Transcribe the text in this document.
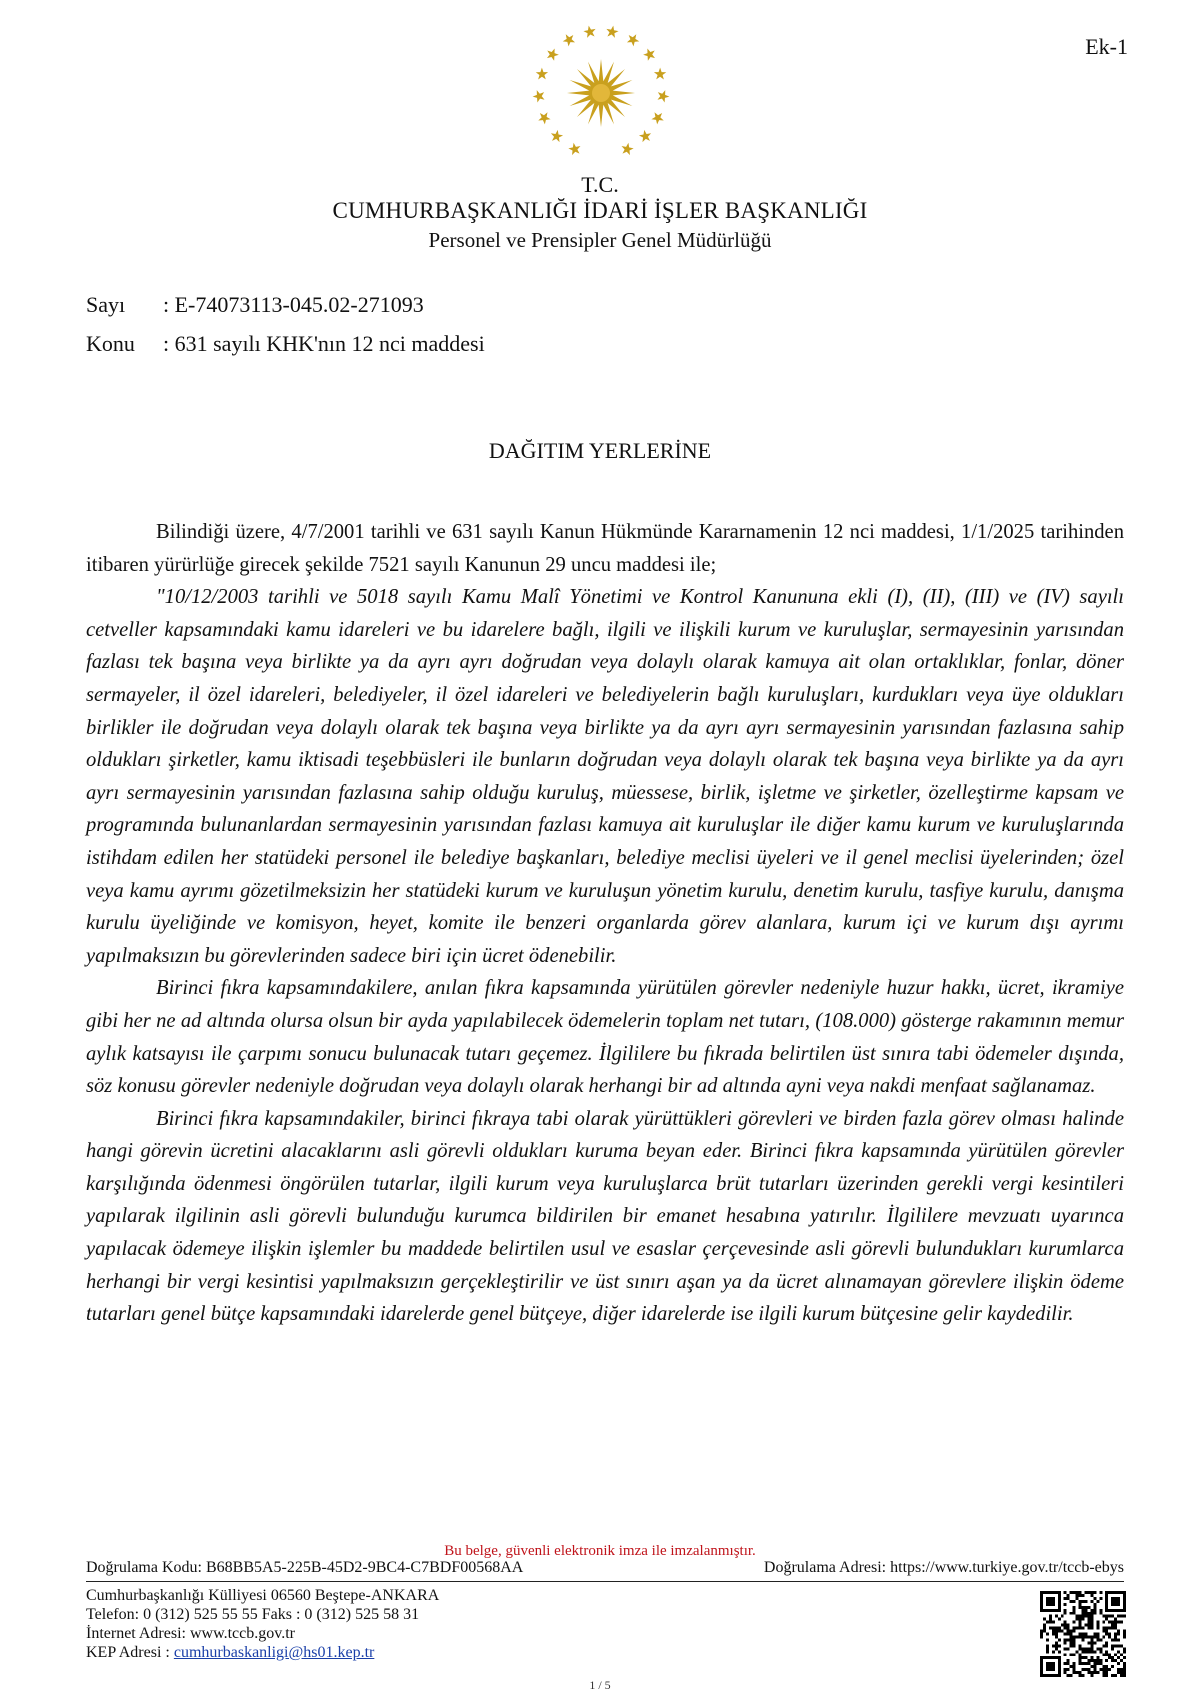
Ek-1
T.C.
CUMHURBAŞKANLIĞI İDARİ İŞLER BAŞKANLIĞI
Personel ve Prensipler Genel Müdürlüğü
Sayı : E-74073113-045.02-271093
Konu : 631 sayılı KHK'nın 12 nci maddesi
DAĞITIM YERLERİNE

Bilindiği üzere, 4/7/2001 tarihli ve 631 sayılı Kanun Hükmünde Kararnamenin 12 nci maddesi, 1/1/2025 tarihinden itibaren yürürlüğe girecek şekilde 7521 sayılı Kanunun 29 uncu maddesi ile;

"10/12/2003 tarihli ve 5018 sayılı Kamu Malî Yönetimi ve Kontrol Kanununa ekli (I), (II), (III) ve (IV) sayılı cetveller kapsamındaki kamu idareleri ve bu idarelere bağlı, ilgili ve ilişkili kurum ve kuruluşlar, sermayesinin yarısından fazlası tek başına veya birlikte ya da ayrı ayrı doğrudan veya dolaylı olarak kamuya ait olan ortaklıklar, fonlar, döner sermayeler, il özel idareleri, belediyeler, il özel idareleri ve belediyelerin bağlı kuruluşları, kurdukları veya üye oldukları birlikler ile doğrudan veya dolaylı olarak tek başına veya birlikte ya da ayrı ayrı sermayesinin yarısından fazlasına sahip oldukları şirketler, kamu iktisadi teşebbüsleri ile bunların doğrudan veya dolaylı olarak tek başına veya birlikte ya da ayrı ayrı sermayesinin yarısından fazlasına sahip olduğu kuruluş, müessese, birlik, işletme ve şirketler, özelleştirme kapsam ve programında bulunanlardan sermayesinin yarısından fazlası kamuya ait kuruluşlar ile diğer kamu kurum ve kuruluşlarında istihdam edilen her statüdeki personel ile belediye başkanları, belediye meclisi üyeleri ve il genel meclisi üyelerinden; özel veya kamu ayrımı gözetilmeksizin her statüdeki kurum ve kuruluşun yönetim kurulu, denetim kurulu, tasfiye kurulu, danışma kurulu üyeliğinde ve komisyon, heyet, komite ile benzeri organlarda görev alanlara, kurum içi ve kurum dışı ayrımı yapılmaksızın bu görevlerinden sadece biri için ücret ödenebilir.

Birinci fıkra kapsamındakilere, anılan fıkra kapsamında yürütülen görevler nedeniyle huzur hakkı, ücret, ikramiye gibi her ne ad altında olursa olsun bir ayda yapılabilecek ödemelerin toplam net tutarı, (108.000) gösterge rakamının memur aylık katsayısı ile çarpımı sonucu bulunacak tutarı geçemez. İlgililere bu fıkrada belirtilen üst sınıra tabi ödemeler dışında, söz konusu görevler nedeniyle doğrudan veya dolaylı olarak herhangi bir ad altında ayni veya nakdi menfaat sağlanamaz.

Birinci fıkra kapsamındakiler, birinci fıkraya tabi olarak yürüttükleri görevleri ve birden fazla görev olması halinde hangi görevin ücretini alacaklarını asli görevli oldukları kuruma beyan eder. Birinci fıkra kapsamında yürütülen görevler karşılığında ödenmesi öngörülen tutarlar, ilgili kurum veya kuruluşlarca brüt tutarları üzerinden gerekli vergi kesintileri yapılarak ilgilinin asli görevli bulunduğu kurumca bildirilen bir emanet hesabına yatırılır. İlgililere mevzuatı uyarınca yapılacak ödemeye ilişkin işlemler bu maddede belirtilen usul ve esaslar çerçevesinde asli görevli bulundukları kurumlarca herhangi bir vergi kesintisi yapılmaksızın gerçekleştirilir ve üst sınırı aşan ya da ücret alınamayan görevlere ilişkin ödeme tutarları genel bütçe kapsamındaki idarelerde genel bütçeye, diğer idarelerde ise ilgili kurum bütçesine gelir kaydedilir.

Bu belge, güvenli elektronik imza ile imzalanmıştır.
Doğrulama Kodu: B68BB5A5-225B-45D2-9BC4-C7BDF00568AA	Doğrulama Adresi: https://www.turkiye.gov.tr/tccb-ebys
Cumhurbaşkanlığı Külliyesi 06560 Beştepe-ANKARA
Telefon: 0 (312) 525 55 55 Faks : 0 (312) 525 58 31
İnternet Adresi: www.tccb.gov.tr
KEP Adresi : cumhurbaskanligi@hs01.kep.tr
1 / 5
